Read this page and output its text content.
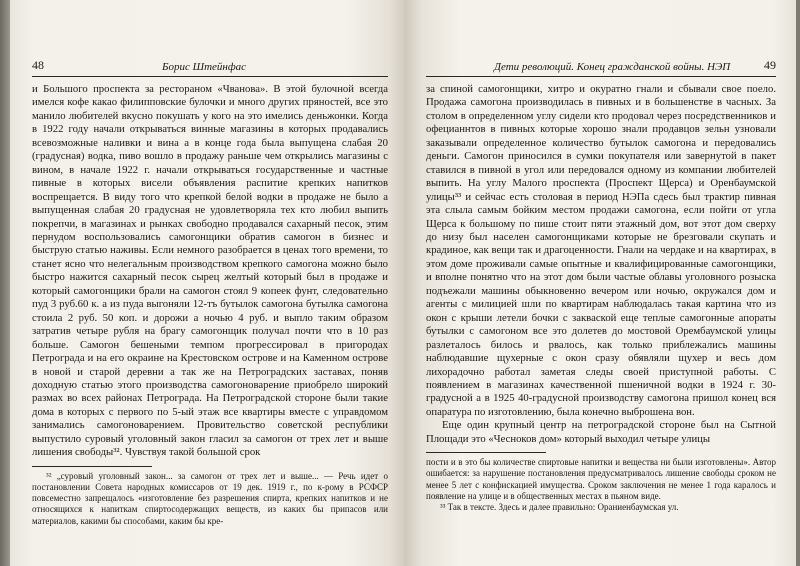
48	Борис Штейнфас

и Большого проспекта за рестораном «Чванова». В этой булочной всегда имелся кофе какао филипповские булочки и много других пряностей, все это манило любителей вкусно покушать у кого на это имелись деньжонки. Когда в 1922 году начали открываться винные магазины в которых продавались всевозможные наливки и вина а в конце года была выпущена слабая 20 (градусная) водка, пиво вошло в продажу раньше чем открылись магазины с вином, в начале 1922 г. начали открываться государственные и частные пивные в которых висели объявления распитие крепких напитков воспрещается. В виду того что крепкой белой водки в продаже не было а выпущенная слабая 20 градусная не удовлетворяла тех кто любил выпить покрепчи, в магазинах и рынках свободно продавался сахарный песок, этим пернудом воспользовались самогонщики обратив самогон в бизнес и быструю статью наживы. Если немного разобрается в ценах того времени, то станет ясно что нелегальным производством крепкого самогона можно было быстро нажится сахарный песок сырец желтый который был в продаже и который самогонщики брали на самогон стоял 9 копеек фунт, следовательно пуд 3 руб.60 к. а из пуда выгоняли 12-тъ бутылок самогона бутылка самогона стоила 2 руб. 50 коп. и дорожи а ночью 4 руб. и выпло таким образом затратив четыре рубля на брагу самогонщик получал почти что в 10 раз больше. Самогон бешеными темпом прогрессировал в пригородах Петрограда и на его окраине на Крестовском острове и на Каменном острове в новой и старой деревни а так же на Петроградских заставах, поняв доходную статью этого производства самогоноварение приобрело широкий размах во всех районах Петрограда. На Петроградской стороне были такие дома в которых с первого по 5-ый этаж все квартиры вместе с управдомом занимались самогоноварением. Провительство советской республики выпустило суровый уголовный закон гласил за самогон от трех лет и выше лишения свободы³². Чувствуя такой большой срок

³² „суровый уголовный закон... за самогон от трех лет и выше... — Речь идет о постановлении Совета народных комиссаров от 19 дек. 1919 г., по к-рому в РСФСР повсеместно запрещалось «изготовление без разрешения спирта, крепких напитков и не относящихся к напиткам спиртосодержащих веществ, из каких бы припасов или материалов, какими бы способами, каким бы кре-

Дети революций. Конец гражданской войны. НЭП	49

за спиной самогонщики, хитро и окуратно гнали и сбывали свое поело. Продажа самогона производилась в пивных и в большенстве в часных. За столом в определенном углу сидели кто продовал через посредственников и офецианнтов в пивных которые хорошо знали продавцов зельн узновали заказывали определенное количество бутылок самогона и передовались деньги. Самогон приносился в сумки покупателя или завернутой в пакет ставился в пивной в угол или передовался одному из компании любителей выпить. На углу Малого проспекта (Проспект Щерса) и Оренбаумской улицы³³ и сейчас есть столовая в период НЭПа сдесь был трактир пивная эта слыла самым бойким местом продажи самогона, если пойти от угла Щерса к большому по пише стоит пяти этажный дом, вот этот дом сверху до низу был населен самогонщиками которые не брезговали скупать и крадиное, как вещи так и драгоценности. Гнали на чердаке и на квартирах, в этом доме проживали самые опытные и квалифицированные самогонщики, и вполне понятно что на этот дом были частые облавы уголовного розыска подъежали машины обыкновенно вечером или ночью, окружался дом и агенты с милицией шли по квартирам наблюдалась такая картина что из окон с крыши летели бочки с заквaской еще теплые самогонные апораты бутылки с самогоном все это долетев до мостовой Орембаумской улицы разлеталось билось и рвалось, как только приблежались машины наблюдавшие щухерные с окон сразу обявляли щухер и весь дом лихорадочно работал заметая следы своей приступной работы. С появлением в магазинах качественной пшеничной водки в 1924 г. 30-градусной а в 1925 40-градусной производству самогона пришол конец вся опаратура по изготовлению, была конечно выброшена вон.

Еще один крупный центр на петроградской стороне был на Сытной Площади это «Чесноков дом» который выходил четыре улицы

пости и в это бы количестве спиртовые напитки и вещества ни были изготовлены». Автор ошибается: за нарушение постановления предусматривалось лишение свободы сроком не менее 5 лет с конфискацией имущества. Сроком заключения не менее 1 года каралось и появление на улице и в общественных местах в пьяном виде.

³³ Так в тексте. Здесь и далее правильно: Ораниенбаумская ул.
